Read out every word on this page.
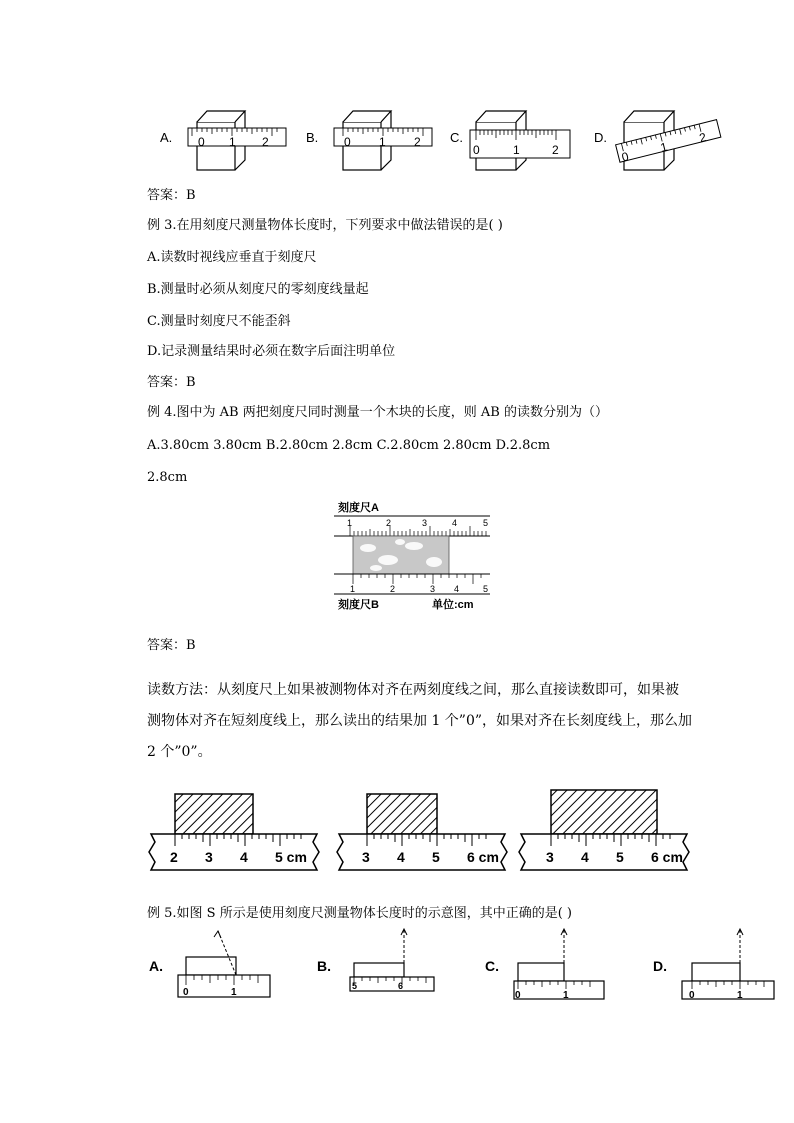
A. 0 1 2	B. 0 1 2 C.
0	1	2
D.
0
1
2
答案：B
例 3.在用刻度尺测量物体长度时，下列要求中做法错误的是( )
A.读数时视线应垂直于刻度尺
B.测量时必须从刻度尺的零刻度线量起
C.测量时刻度尺不能歪斜
D.记录测量结果时必须在数字后面注明单位
答案：B
例 4.图中为 AB 两把刻度尺同时测量一个木块的长度，则 AB 的读数分别为（）
A.3.80cm 3.80cm B.2.80cm 2.8cm C.2.80cm 2.80cm D.2.8cm
2.8cm
刻度尺A
1	2	3	4	5
1	2	3 4	5
刻度尺B	单位:cm
答案：B
读数方法：从刻度尺上如果被测物体对齐在两刻度线之间，那么直接读数即可，如果被
测物体对齐在短刻度线上，那么读出的结果加 1 个”0”，如果对齐在长刻度线上，那么加
2 个”0”。
2 3 4 5 cm	3 4 5 6 cm	3 4 5 6 cm
例 5.如图 S 所示是使用刻度尺测量物体长度时的示意图，其中正确的是( )
A.
0	1
B.
5	6
C.
0	1
D.
0	1
